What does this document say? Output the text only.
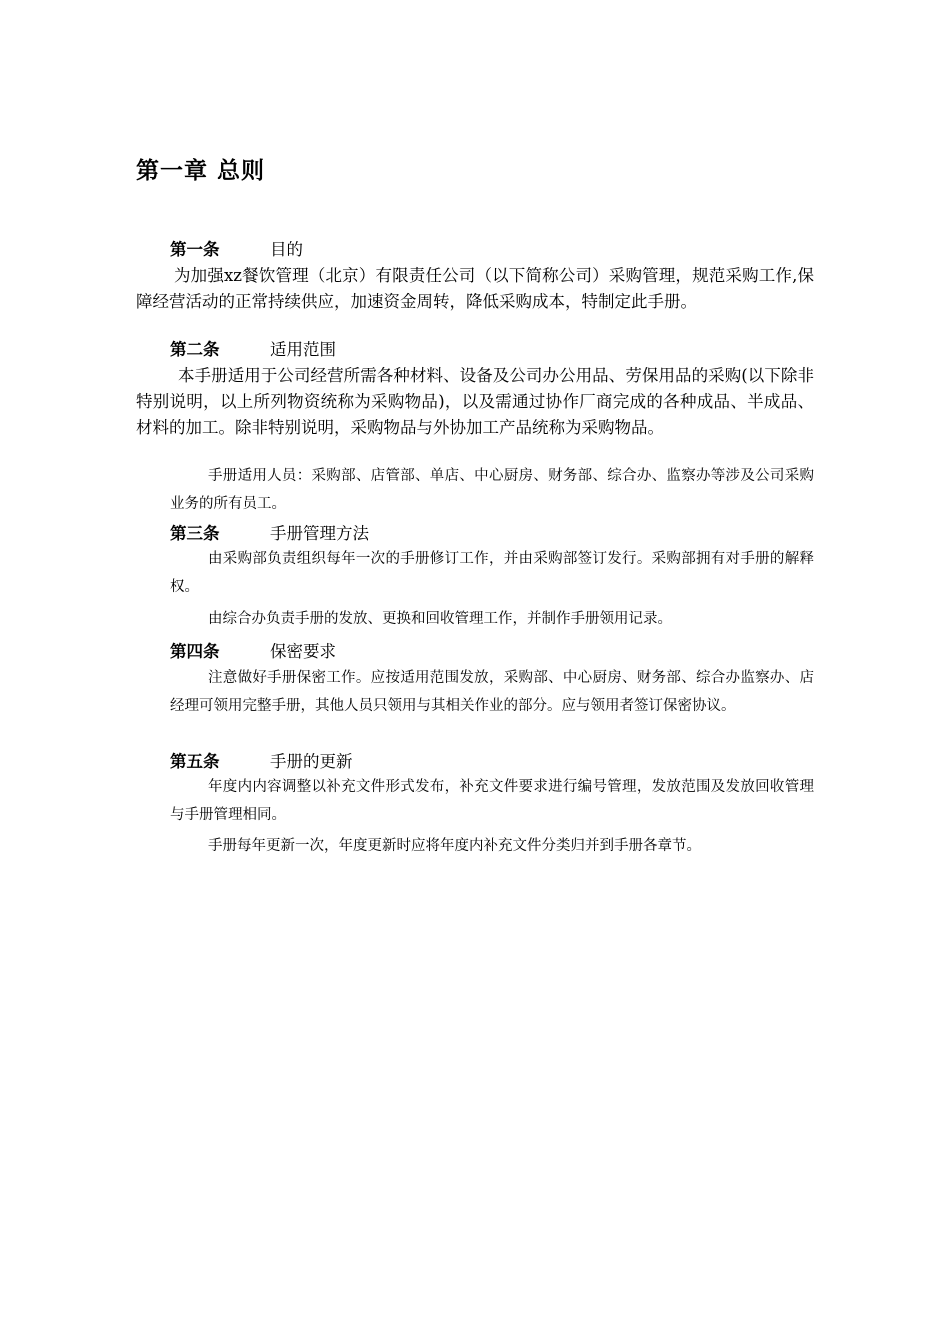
第一章 总则
第一条	目的

为加强xz餐饮管理（北京）有限责任公司（以下简称公司）采购管理，规范采购工作,保障经营活动的正常持续供应，加速资金周转，降低采购成本，特制定此手册。

第二条	适用范围

本手册适用于公司经营所需各种材料、设备及公司办公用品、劳保用品的采购(以下除非特别说明，以上所列物资统称为采购物品)，以及需通过协作厂商完成的各种成品、半成品、材料的加工。除非特别说明，采购物品与外协加工产品统称为采购物品。

手册适用人员：采购部、店管部、单店、中心厨房、财务部、综合办、监察办等涉及公司采购业务的所有员工。

第三条	手册管理方法

由采购部负责组织每年一次的手册修订工作，并由采购部签订发行。采购部拥有对手册的解释权。

由综合办负责手册的发放、更换和回收管理工作，并制作手册领用记录。

第四条	保密要求

注意做好手册保密工作。应按适用范围发放，采购部、中心厨房、财务部、综合办监察办、店经理可领用完整手册，其他人员只领用与其相关作业的部分。应与领用者签订保密协议。

第五条	手册的更新

年度内内容调整以补充文件形式发布，补充文件要求进行编号管理，发放范围及发放回收管理与手册管理相同。

手册每年更新一次，年度更新时应将年度内补充文件分类归并到手册各章节。
